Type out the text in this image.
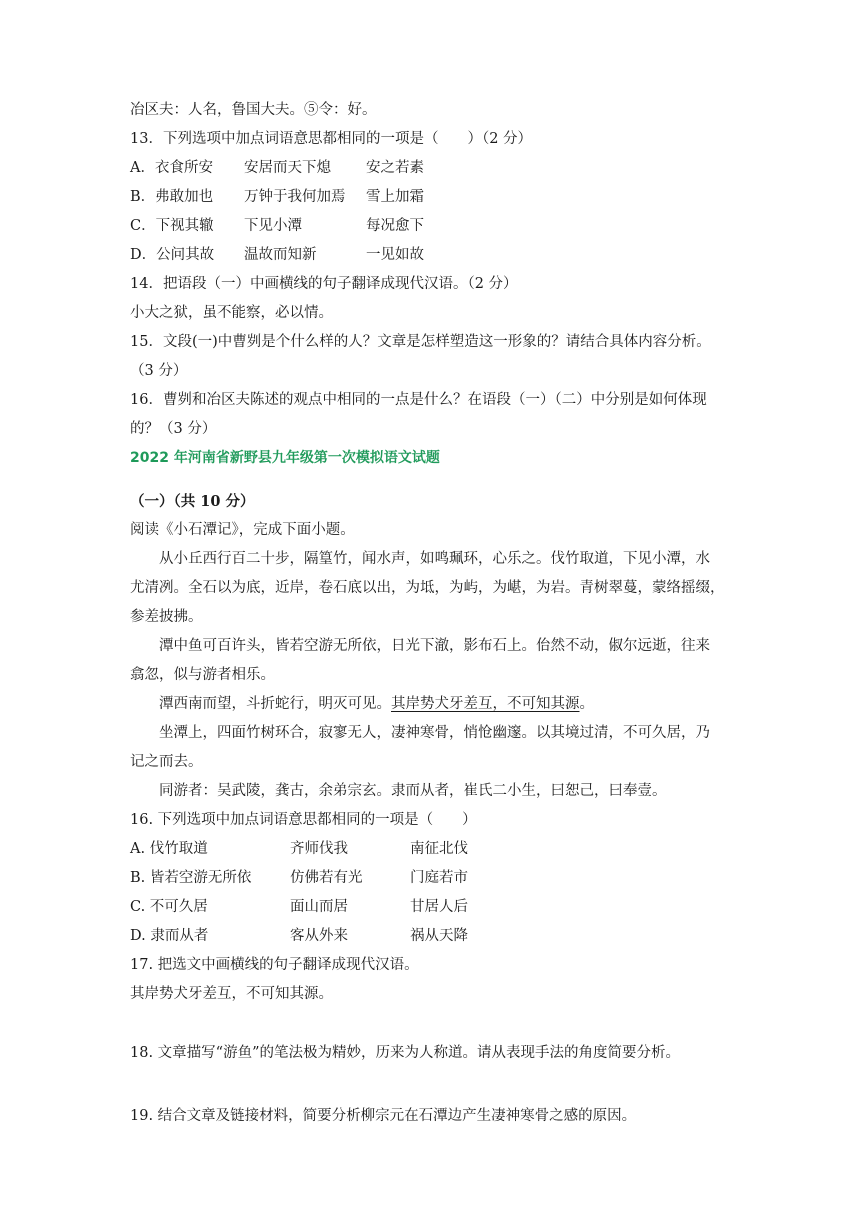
冶区夫：人名，鲁国大夫。⑤令：好。
13．下列选项中加点词语意思都相同的一项是（　　）（2 分）
A．衣食所安 安居而天下熄 安之若素
B．弗敢加也 万钟于我何加焉 雪上加霜
C．下视其辙 下见小潭	每况愈下
D．公问其故 温故而知新	一见如故
14．把语段（一）中画横线的句子翻译成现代汉语。（2 分）
小大之狱，虽不能察，必以情。
15．文段(一)中曹刿是个什么样的人？文章是怎样塑造这一形象的？请结合具体内容分析。
（3 分）
16．曹刿和冶区夫陈述的观点中相同的一点是什么？在语段（一）（二）中分别是如何体现
的？（3 分）
2022 年河南省新野县九年级第一次模拟语文试题
（一）（共 10 分）
阅读《小石潭记》，完成下面小题。
从小丘西行百二十步，隔篁竹，闻水声，如鸣珮环，心乐之。伐竹取道，下见小潭，水
尤清冽。全石以为底，近岸，卷石底以出，为坻，为屿，为嵁，为岩。青树翠蔓，蒙络摇缀，
参差披拂。
潭中鱼可百许头，皆若空游无所依，日光下澈，影布石上。佁然不动，俶尔远逝，往来
翕忽，似与游者相乐。
潭西南而望，斗折蛇行，明灭可见。其岸势犬牙差互，不可知其源。
坐潭上，四面竹树环合，寂寥无人，凄神寒骨，悄怆幽邃。以其境过清，不可久居，乃
记之而去。
同游者：吴武陵，龚古，余弟宗玄。隶而从者，崔氏二小生，曰恕己，曰奉壹。
16. 下列选项中加点词语意思都相同的一项是（　　）
A. 伐竹取道	齐师伐我	南征北伐
B. 皆若空游无所依	仿佛若有光	门庭若市
C. 不可久居	面山而居	甘居人后
D. 隶而从者	客从外来	祸从天降
17. 把选文中画横线的句子翻译成现代汉语。
其岸势犬牙差互，不可知其源。
18. 文章描写“游鱼”的笔法极为精妙，历来为人称道。请从表现手法的角度简要分析。
19. 结合文章及链接材料，简要分析柳宗元在石潭边产生凄神寒骨之感的原因。
